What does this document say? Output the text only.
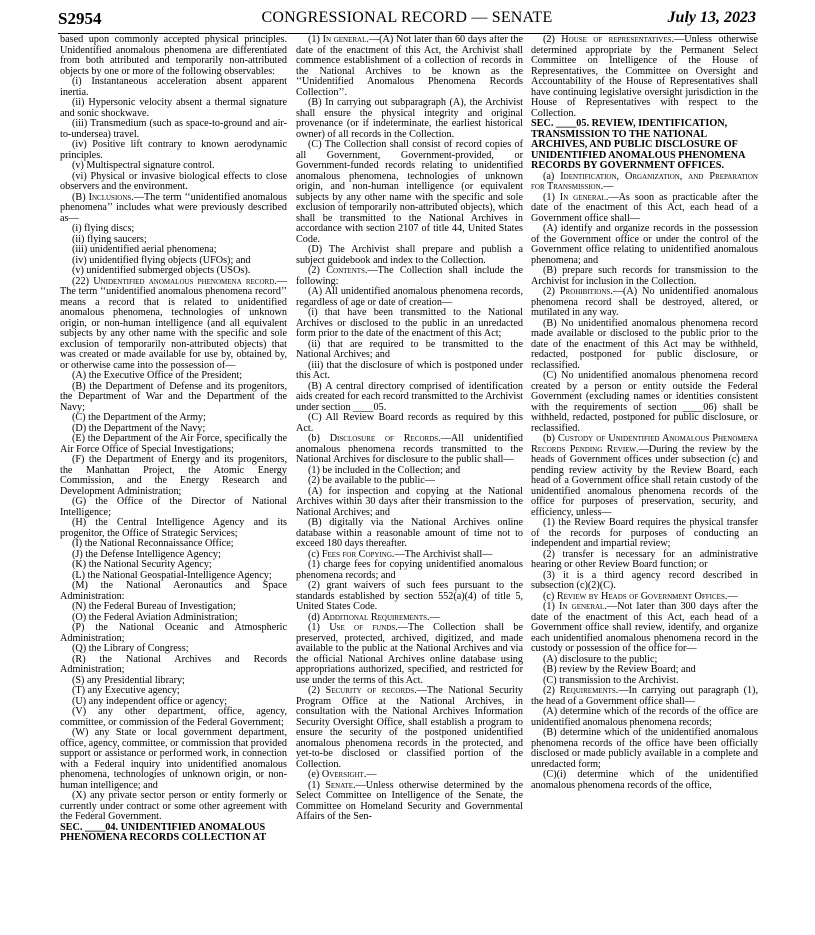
S2954	CONGRESSIONAL RECORD — SENATE	July 13, 2023

based upon commonly accepted physical principles. Unidentified anomalous phenomena are differentiated from both attributed and temporarily non-attributed objects by one or more of the following observables:

(i) Instantaneous acceleration absent apparent inertia.

(ii) Hypersonic velocity absent a thermal signature and sonic shockwave.

(iii) Transmedium (such as space-to-ground and air-to-undersea) travel.

(iv) Positive lift contrary to known aerodynamic principles.

(v) Multispectral signature control.

(vi) Physical or invasive biological effects to close observers and the environment.

(B) Inclusions.—The term ‘‘unidentified anomalous phenomena’’ includes what were previously described as—

(i) flying discs;

(ii) flying saucers;

(iii) unidentified aerial phenomena;

(iv) unidentified flying objects (UFOs); and

(v) unidentified submerged objects (USOs).

(22) Unidentified anomalous phenomena record.—The term ‘‘unidentified anomalous phenomena record’’ means a record that is related to unidentified anomalous phenomena, technologies of unknown origin, or non-human intelligence (and all equivalent subjects by any other name with the specific and sole exclusion of temporarily non-attributed objects) that was created or made available for use by, obtained by, or otherwise came into the possession of—

(A) the Executive Office of the President;

(B) the Department of Defense and its progenitors, the Department of War and the Department of the Navy;

(C) the Department of the Army;

(D) the Department of the Navy;

(E) the Department of the Air Force, specifically the Air Force Office of Special Investigations;

(F) the Department of Energy and its progenitors, the Manhattan Project, the Atomic Energy Commission, and the Energy Research and Development Administration;

(G) the Office of the Director of National Intelligence;

(H) the Central Intelligence Agency and its progenitor, the Office of Strategic Services;

(I) the National Reconnaissance Office;

(J) the Defense Intelligence Agency;

(K) the National Security Agency;

(L) the National Geospatial-Intelligence Agency;

(M) the National Aeronautics and Space Administration:

(N) the Federal Bureau of Investigation;

(O) the Federal Aviation Administration;

(P) the National Oceanic and Atmospheric Administration;

(Q) the Library of Congress;

(R) the National Archives and Records Administration;

(S) any Presidential library;

(T) any Executive agency;

(U) any independent office or agency;

(V) any other department, office, agency, committee, or commission of the Federal Government;

(W) any State or local government department, office, agency, committee, or commission that provided support or assistance or performed work, in connection with a Federal inquiry into unidentified anomalous phenomena, technologies of unknown origin, or non-human intelligence; and

(X) any private sector person or entity formerly or currently under contract or some other agreement with the Federal Government.

SEC. ____04. UNIDENTIFIED ANOMALOUS PHENOMENA RECORDS COLLECTION AT

(1) In general.—(A) Not later than 60 days after the date of the enactment of this Act, the Archivist shall commence establishment of a collection of records in the National Archives to be known as the ‘‘Unidentified Anomalous Phenomena Records Collection’’.

(B) In carrying out subparagraph (A), the Archivist shall ensure the physical integrity and original provenance (or if indeterminate, the earliest historical owner) of all records in the Collection.

(C) The Collection shall consist of record copies of all Government, Government-provided, or Government-funded records relating to unidentified anomalous phenomena, technologies of unknown origin, and non-human intelligence (or equivalent subjects by any other name with the specific and sole exclusion of temporarily non-attributed objects), which shall be transmitted to the National Archives in accordance with section 2107 of title 44, United States Code.

(D) The Archivist shall prepare and publish a subject guidebook and index to the Collection.

(2) Contents.—The Collection shall include the following:

(A) All unidentified anomalous phenomena records, regardless of age or date of creation—

(i) that have been transmitted to the National Archives or disclosed to the public in an unredacted form prior to the date of the enactment of this Act;

(ii) that are required to be transmitted to the National Archives; and

(iii) that the disclosure of which is postponed under this Act.

(B) A central directory comprised of identification aids created for each record transmitted to the Archivist under section ____05.

(C) All Review Board records as required by this Act.

(b) Disclosure of Records.—All unidentified anomalous phenomena records transmitted to the National Archives for disclosure to the public shall—

(1) be included in the Collection; and

(2) be available to the public—

(A) for inspection and copying at the National Archives within 30 days after their transmission to the National Archives; and

(B) digitally via the National Archives online database within a reasonable amount of time not to exceed 180 days thereafter.

(c) Fees for Copying.—The Archivist shall—

(1) charge fees for copying unidentified anomalous phenomena records; and

(2) grant waivers of such fees pursuant to the standards established by section 552(a)(4) of title 5, United States Code.

(d) Additional Requirements.—

(1) Use of funds.—The Collection shall be preserved, protected, archived, digitized, and made available to the public at the National Archives and via the official National Archives online database using appropriations authorized, specified, and restricted for use under the terms of this Act.

(2) Security of records.—The National Security Program Office at the National Archives, in consultation with the National Archives Information Security Oversight Office, shall establish a program to ensure the security of the postponed unidentified anomalous phenomena records in the protected, and yet-to-be disclosed or classified portion of the Collection.

(e) Oversight.—

(1) Senate.—Unless otherwise determined by the Select Committee on Intelligence of the Senate, the Committee on Homeland Security and Governmental Affairs of the Sen-

(2) House of representatives.—Unless otherwise determined appropriate by the Permanent Select Committee on Intelligence of the House of Representatives, the Committee on Oversight and Accountability of the House of Representatives shall have continuing legislative oversight jurisdiction in the House of Representatives with respect to the Collection.

SEC. ____05. REVIEW, IDENTIFICATION, TRANSMISSION TO THE NATIONAL ARCHIVES, AND PUBLIC DISCLOSURE OF UNIDENTIFIED ANOMALOUS PHENOMENA RECORDS BY GOVERNMENT OFFICES.

(a) Identification, Organization, and Preparation for Transmission.—

(1) In general.—As soon as practicable after the date of the enactment of this Act, each head of a Government office shall—

(A) identify and organize records in the possession of the Government office or under the control of the Government office relating to unidentified anomalous phenomena; and

(B) prepare such records for transmission to the Archivist for inclusion in the Collection.

(2) Prohibitions.—(A) No unidentified anomalous phenomena record shall be destroyed, altered, or mutilated in any way.

(B) No unidentified anomalous phenomena record made available or disclosed to the public prior to the date of the enactment of this Act may be withheld, redacted, postponed for public disclosure, or reclassified.

(C) No unidentified anomalous phenomena record created by a person or entity outside the Federal Government (excluding names or identities consistent with the requirements of section ____06) shall be withheld, redacted, postponed for public disclosure, or reclassified.

(b) Custody of Unidentified Anomalous Phenomena Records Pending Review.—During the review by the heads of Government offices under subsection (c) and pending review activity by the Review Board, each head of a Government office shall retain custody of the unidentified anomalous phenomena records of the office for purposes of preservation, security, and efficiency, unless—

(1) the Review Board requires the physical transfer of the records for purposes of conducting an independent and impartial review;

(2) transfer is necessary for an administrative hearing or other Review Board function; or

(3) it is a third agency record described in subsection (c)(2)(C).

(c) Review by Heads of Government Offices.—

(1) In general.—Not later than 300 days after the date of the enactment of this Act, each head of a Government office shall review, identify, and organize each unidentified anomalous phenomena record in the custody or possession of the office for—

(A) disclosure to the public;

(B) review by the Review Board; and

(C) transmission to the Archivist.

(2) Requirements.—In carrying out paragraph (1), the head of a Government office shall—

(A) determine which of the records of the office are unidentified anomalous phenomena records;

(B) determine which of the unidentified anomalous phenomena records of the office have been officially disclosed or made publicly available in a complete and unredacted form;

(C)(i) determine which of the unidentified anomalous phenomena records of the office,
